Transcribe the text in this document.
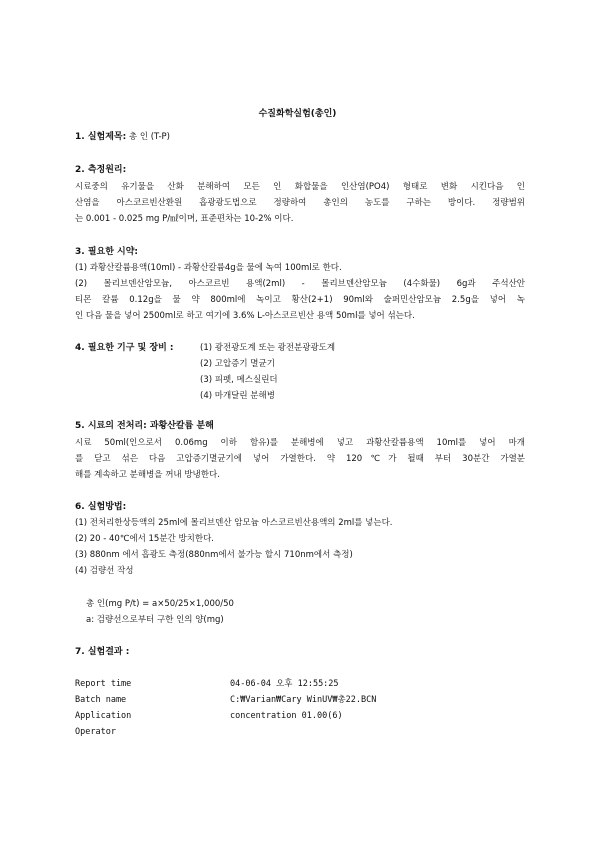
수질화학실험(총인)
1. 실험제목: 총 인 (T-P)
2. 측정원리:
시료중의 유기물을 산화 분해하여 모든 인 화합물을 인산염(PO4) 형태로 변화 시킨다음 인
산염을 아스코르빈산환원 흡광광도법으로 정량하여 총인의 농도를 구하는 방이다. 정량범위
는 0.001 - 0.025 mg P/㎖이며, 표준편차는 10-2% 이다.
3. 필요한 시약:
(1) 과황산칼륨용액(10ml) - 과황산칼륨4g을 물에 녹여 100ml로 한다.
(2) 몰리브덴산암모늄, 아스코르빈 용액(2ml) - 몰리브덴산암모늄 (4수화물) 6g과 주석산안
티몬 칼륨 0.12g을 물 약 800ml에 녹이고 황산(2+1) 90ml와 술퍼민산암모늄 2.5g을 넣어 녹
인 다음 물을 넣어 2500ml로 하고 여기에 3.6% L-아스코르빈산 용액 50ml를 넣어 섞는다.
4. 필요한 기구 및 장비 :	(1) 광전광도계 또는 광전분광광도계
(2) 고압증기 멸균기
(3) 피펫, 메스실린더
(4) 마개달린 분해병
5. 시료의 전처리: 과황산칼륨 분해
시료 50ml(인으로서 0.06mg 이하 함유)를 분해병에 넣고 과황산칼륨용액 10ml를 넣어 마개
를 닫고 섞은 다음 고압증기멸균기에 넣어 가열한다. 약 120℃가 될때 부터 30분간 가열분
해를 계속하고 분해병을 꺼내 방냉한다.
6. 실험방법:
(1) 전처리한상등액의 25ml에 몰리브덴산 암모늄 아스코르빈산용액의 2ml를 넣는다.
(2) 20 - 40℃에서 15분간 방치한다.
(3) 880nm 에서 흡광도 측정(880nm에서 불가능 할시 710nm에서 측정)
(4) 검량선 작성
총 인(mg P/t) = a×50/25×1,000/50
a: 검량선으로부터 구한 인의 양(mg)
7. 실험결과 :
Report time	04-06-04 오후 12:55:25
Batch name	C:₩Varian₩Cary WinUV₩총22.BCN
Application	concentration 01.00(6)
Operator
